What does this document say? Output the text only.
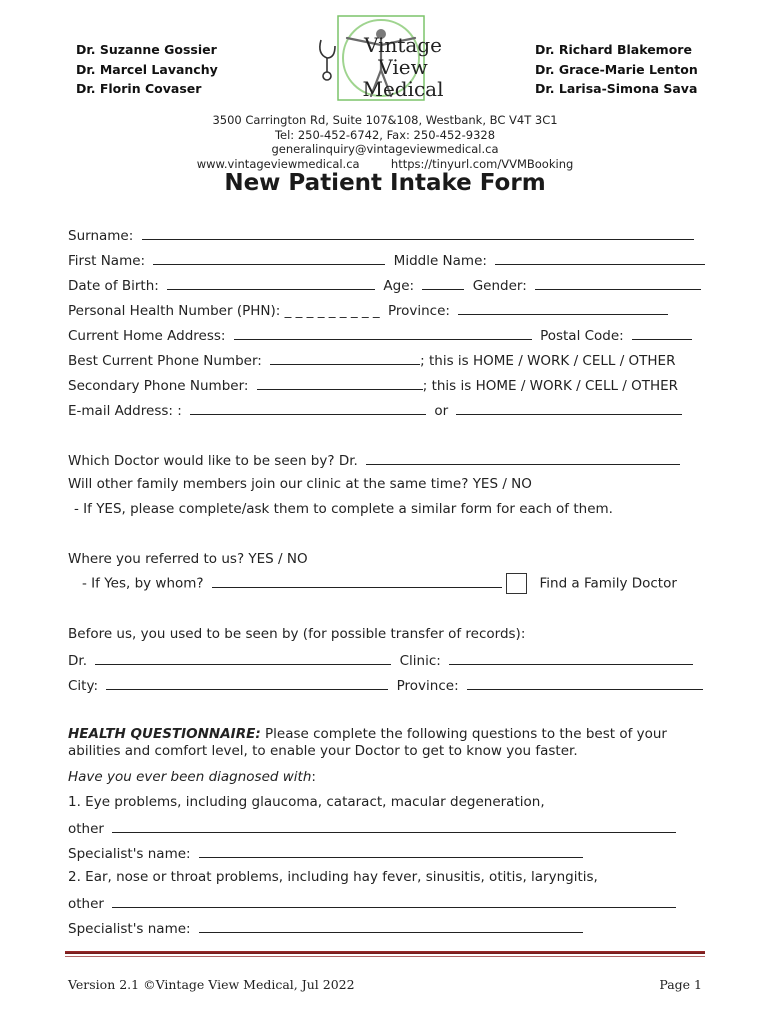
Dr. Suzanne Gossier
Dr. Marcel Lavanchy
Dr. Florin Covaser
Dr. Richard Blakemore
Dr. Grace-Marie Lenton
Dr. Larisa-Simona Sava
Vintage View
Medical
3500 Carrington Rd, Suite 107&108, Westbank, BC V4T 3C1
Tel: 250-452-6742, Fax: 250-452-9328
generalinquiry@vintageviewmedical.ca
www.vintageviewmedical.ca	https://tinyurl.com/VVMBooking
New Patient Intake Form
Surname:
First Name:	Middle Name:
Date of Birth:	Age:	Gender:
Personal Health Number (PHN): _ _ _ _ _ _ _ _ _ Province:
Current Home Address:	Postal Code:
Best Current Phone Number:	; this is HOME / WORK / CELL / OTHER
Secondary Phone Number:	; this is HOME / WORK / CELL / OTHER
E-mail Address: :	or
Which Doctor would like to be seen by? Dr.
Will other family members join our clinic at the same time? YES / NO
- If YES, please complete/ask them to complete a similar form for each of them.
Where you referred to us? YES / NO
- If Yes, by whom?	Find a Family Doctor
Before us, you used to be seen by (for possible transfer of records):
Dr.	Clinic:
City:	Province:
HEALTH QUESTIONNAIRE: Please complete the following questions to the best of your
abilities and comfort level, to enable your Doctor to get to know you faster.
Have you ever been diagnosed with:
1. Eye problems, including glaucoma, cataract, macular degeneration,
other
Specialist's name:
2. Ear, nose or throat problems, including hay fever, sinusitis, otitis, laryngitis,
other
Specialist's name:
Version 2.1 ©Vintage View Medical, Jul 2022	Page 1
